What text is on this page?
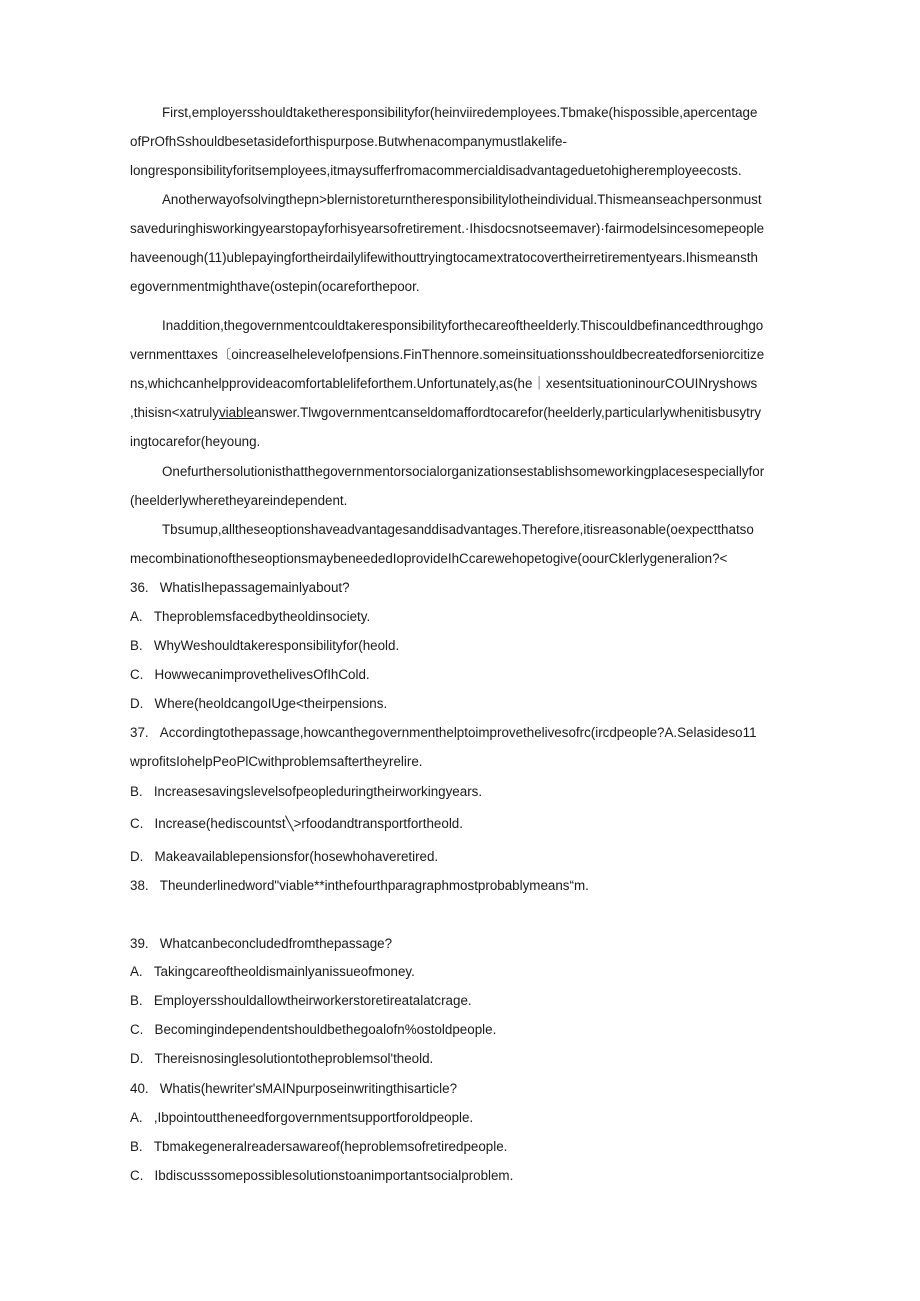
First,employersshouldtaketheresponsibilityfor(heinviiredemployees.Tbmake(hispossible,apercentage
ofPrOfhSshouldbesetasideforthispurpose.Butwhenacompanymustlakelife-
longresponsibilityforitsemployees,itmaysufferfromacommercialdisadvantageduetohigheremployeecosts.
Anotherwayofsolvingthepn>blernistoreturntheresponsibilitylotheindividual.Thismeanseachpersonmust
saveduringhisworkingyearstopayforhisyearsofretirement.·Ihisdocsnotseemaver)·fairmodelsincesomepeople
haveenough(11)ublepayingfortheirdailylifewithouttryingtocamextratocovertheirretirementyears.Ihismeansth
egovernmentmighthave(ostepin(ocareforthepoor.
Inaddition,thegovernmentcouldtakeresponsibilityforthecareoftheelderly.Thiscouldbefinancedthroughgo
vernmenttaxes〔oincreaselhelevelofpensions.FinThennore.someinsituationsshouldbecreatedforseniorcitize
ns,whichcanhelpprovideacomfortablelifeforthem.Unfortunately,as(he｜xesentsituationinourCOUINryshows
,thisisn<xatrulyviableanswer.Tlwgovernmentcanseldomaffordtocarefor(heelderly,particularlywhenitisbusytry
ingtocarefor(heyoung.
Onefurthersolutionisthatthegovernmentorsocialorganizationsestablishsomeworkingplacesespeciallyfor
(heelderlywheretheyareindependent.
Tbsumup,alltheseoptionshaveadvantagesanddisadvantages.Therefore,itisreasonable(oexpectthatso
mecombinationoftheseoptionsmaybeneededIoprovideIhCcarewehopetogive(oourCklerlygeneralion?<
36.   WhatisIhepassagemainlyabout?
A.   Theproblemsfacedbytheoldinsociety.
B.   WhyWeshouldtakeresponsibilityfor(heold.
C.   HowwecanimprovethelivesOfIhCold.
D.   Where(heoldcangoIUge<theirpensions.
37.   Accordingtothepassage,howcanthegovernmenthelptoimprovethelivesofrc(ircdpeople?A.Selasideso11
wprofitsIohelpPeoPlCwithproblemsaftertheyrelire.
B.   Increasesavingslevelsofpeopleduringtheirworkingyears.
C.   Increase(hediscountst╲>rfoodandtransportfortheold.
D.   Makeavailablepensionsfor(hosewhohaveretired.
38.   Theunderlinedword"viable**inthefourthparagraphmostprobablymeans“m.
39.   Whatcanbeconcludedfromthepassage?
A.   Takingcareoftheoldismainlyanissueofmoney.
B.   Employersshouldallowtheirworkerstoretireatalatcrage.
C.   Becomingindependentshouldbethegoalofn%ostoldpeople.
D.   Thereisnosinglesolutiontotheproblemsol'theold.
40.   Whatis(hewriter'sMAINpurposeinwritingthisarticle?
A.   ,Ibpointouttheneedforgovernmentsupportforoldpeople.
B.   Tbmakegeneralreadersawareof(heproblemsofretiredpeople.
C.   Ibdiscusssomepossiblesolutionstoanimportantsocialproblem.
